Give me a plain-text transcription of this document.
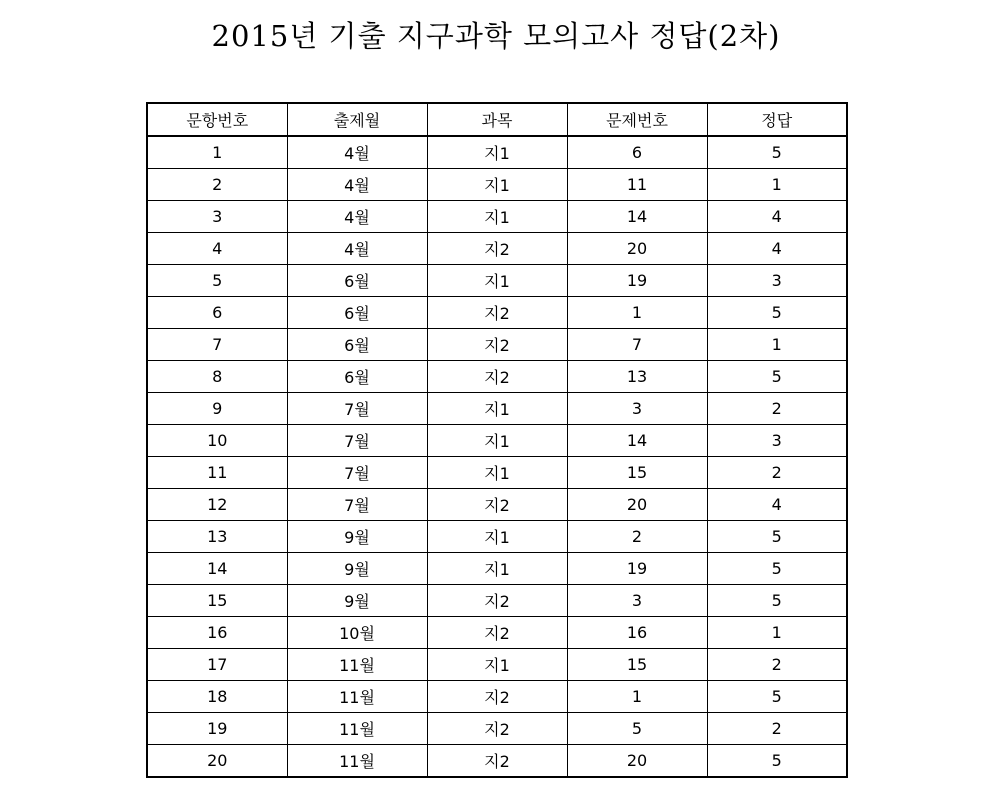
2015년 기출 지구과학 모의고사 정답(2차)
문항번호	출제월	과목	문제번호	정답
1	4월	지1	6	5
2	4월	지1	11	1
3	4월	지1	14	4
4	4월	지2	20	4
5	6월	지1	19	3
6	6월	지2	1	5
7	6월	지2	7	1
8	6월	지2	13	5
9	7월	지1	3	2
10	7월	지1	14	3
11	7월	지1	15	2
12	7월	지2	20	4
13	9월	지1	2	5
14	9월	지1	19	5
15	9월	지2	3	5
16	10월	지2	16	1
17	11월	지1	15	2
18	11월	지2	1	5
19	11월	지2	5	2
20	11월	지2	20	5
